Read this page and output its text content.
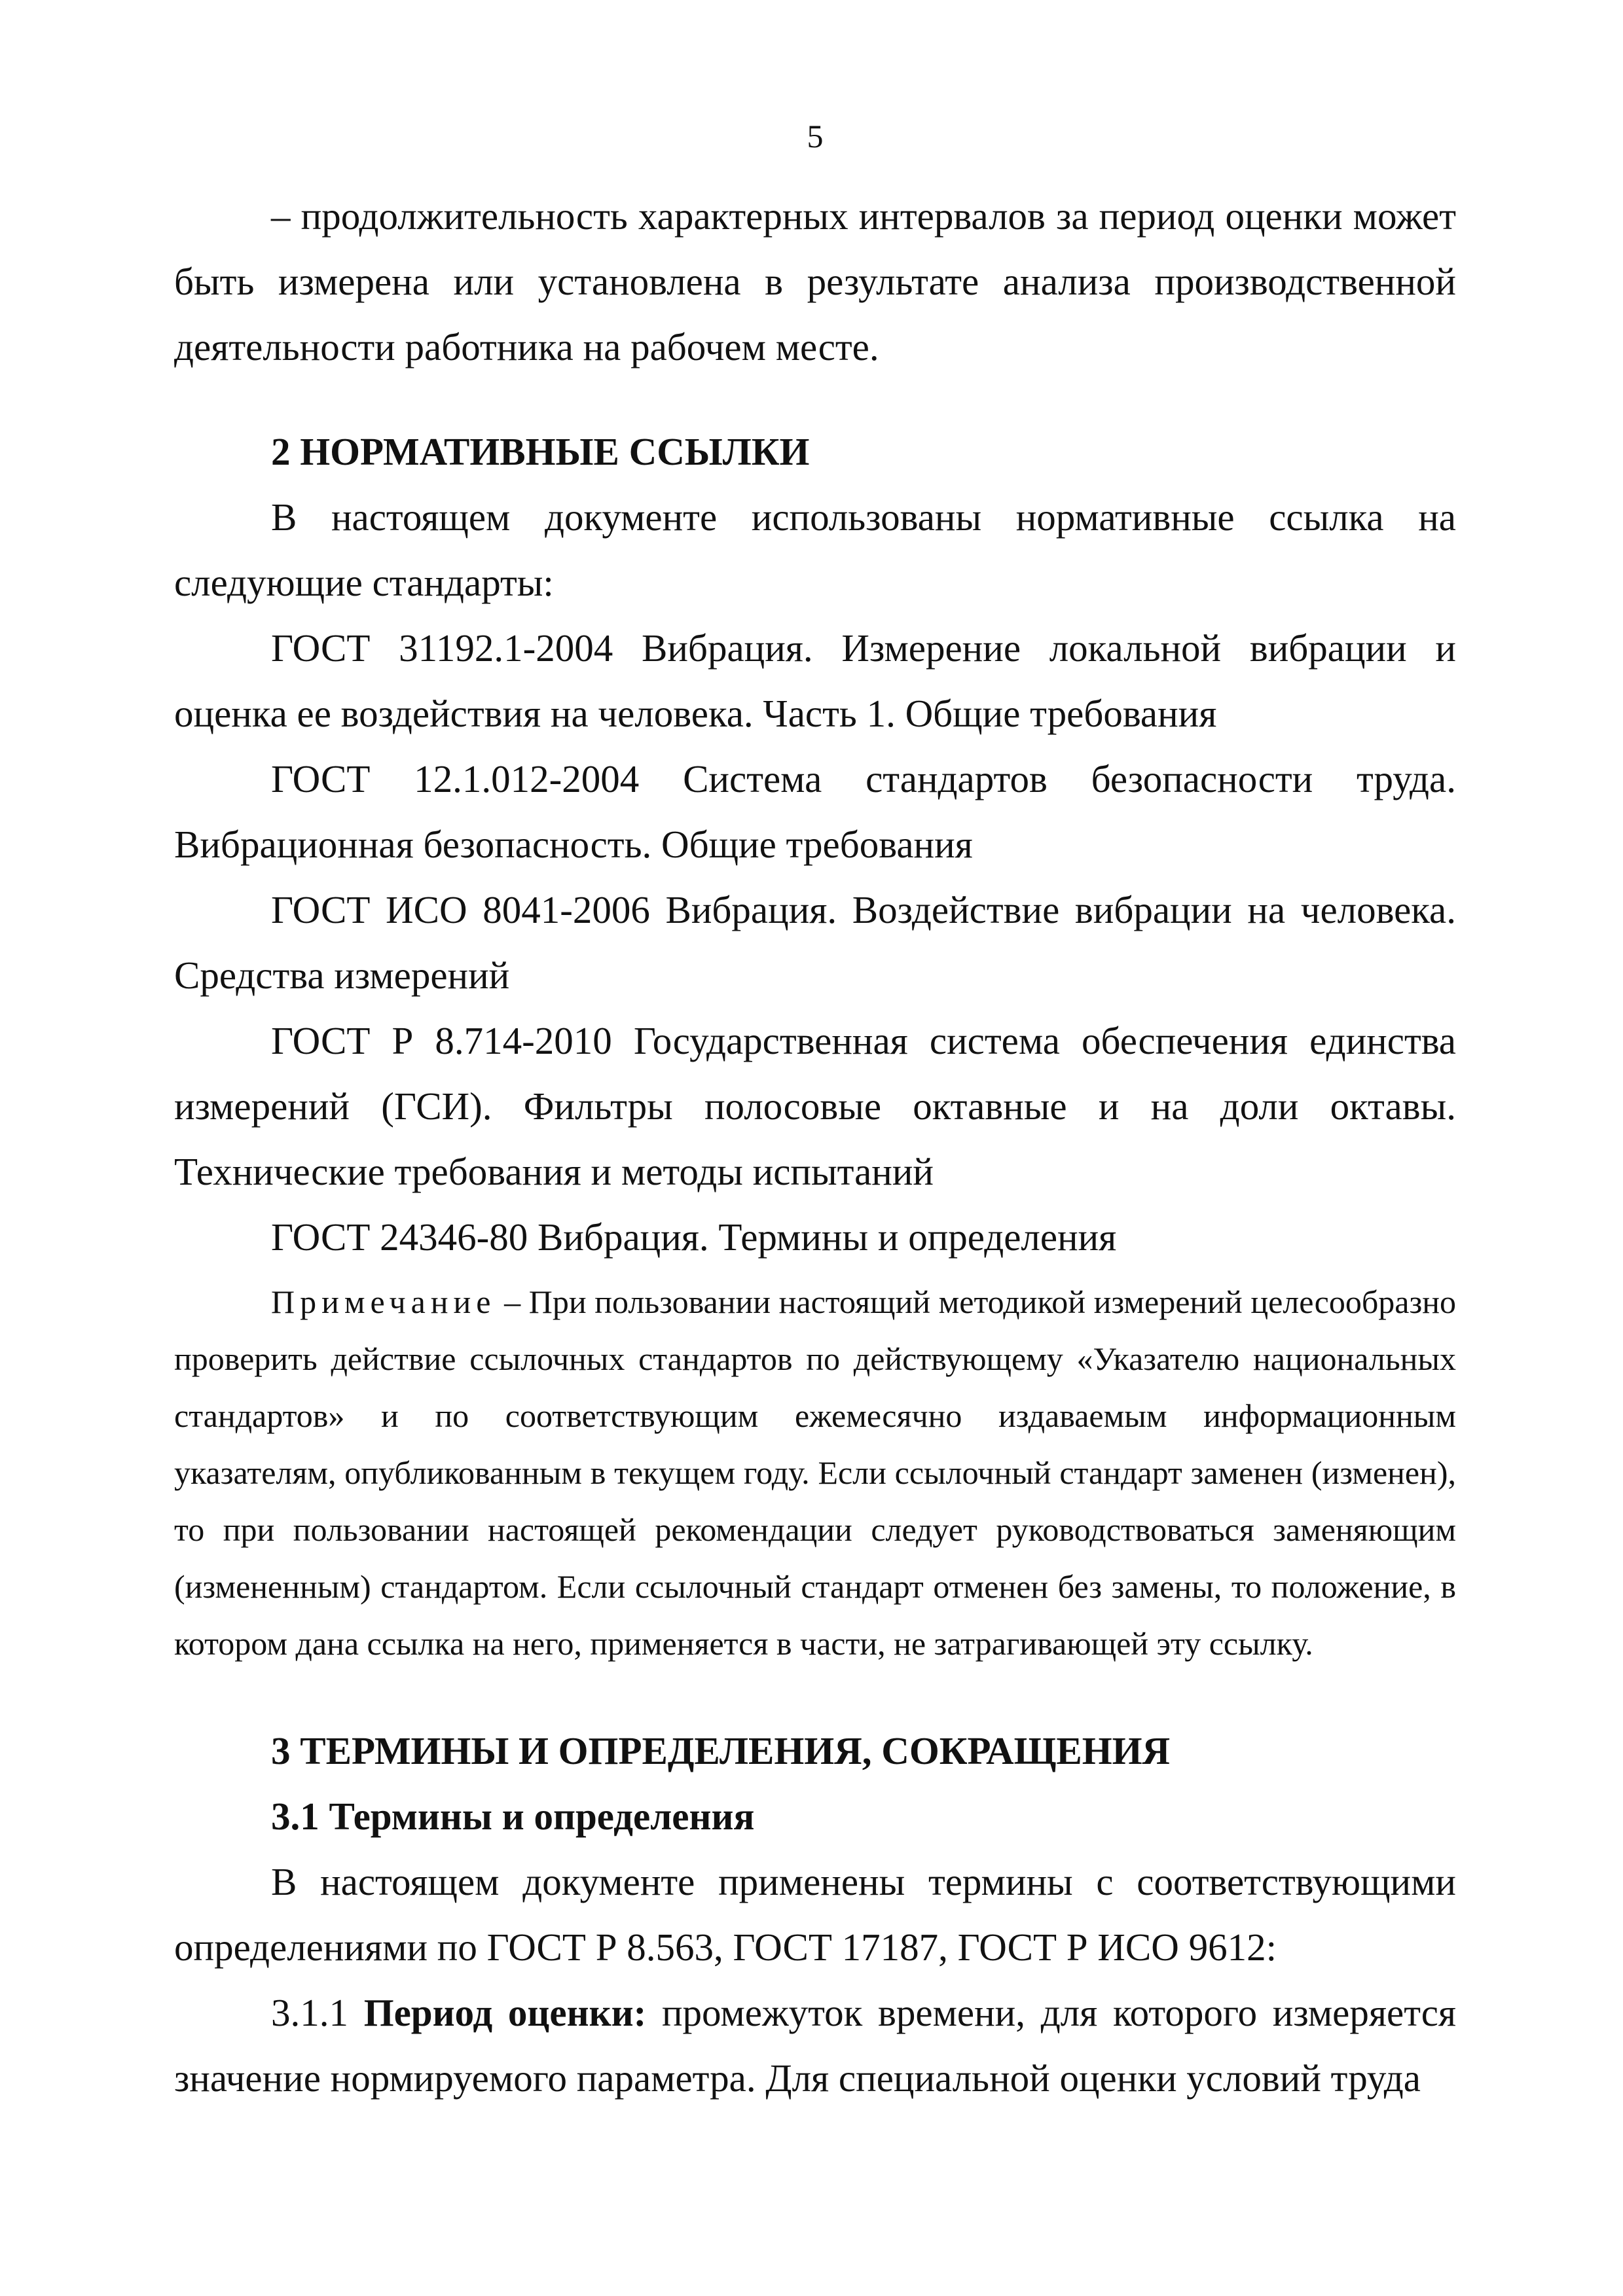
5

– продолжительность характерных интервалов за период оценки может быть измерена или установлена в результате анализа производственной деятельности работника на рабочем месте.

2 НОРМАТИВНЫЕ ССЫЛКИ

В настоящем документе использованы нормативные ссылка на следующие стандарты:

ГОСТ 31192.1-2004 Вибрация. Измерение локальной вибрации и оценка ее воздействия на человека. Часть 1. Общие требования

ГОСТ 12.1.012-2004 Система стандартов безопасности труда. Вибрационная безопасность. Общие требования

ГОСТ ИСО 8041-2006 Вибрация. Воздействие вибрации на человека. Средства измерений

ГОСТ Р 8.714-2010 Государственная система обеспечения единства измерений (ГСИ). Фильтры полосовые октавные и на доли октавы. Технические требования и методы испытаний

ГОСТ 24346-80 Вибрация. Термины и определения

Примечание – При пользовании настоящий методикой измерений целесообразно проверить действие ссылочных стандартов по действующему «Указателю национальных стандартов» и по соответствующим ежемесячно издаваемым информационным указателям, опубликованным в текущем году. Если ссылочный стандарт заменен (изменен), то при пользовании настоящей рекомендации следует руководствоваться заменяющим (измененным) стандартом. Если ссылочный стандарт отменен без замены, то положение, в котором дана ссылка на него, применяется в части, не затрагивающей эту ссылку.

3 ТЕРМИНЫ И ОПРЕДЕЛЕНИЯ, СОКРАЩЕНИЯ

3.1 Термины и определения

В настоящем документе применены термины с соответствующими определениями по ГОСТ Р 8.563, ГОСТ 17187, ГОСТ Р ИСО 9612:

3.1.1 Период оценки: промежуток времени, для которого измеряется значение нормируемого параметра. Для специальной оценки условий труда
